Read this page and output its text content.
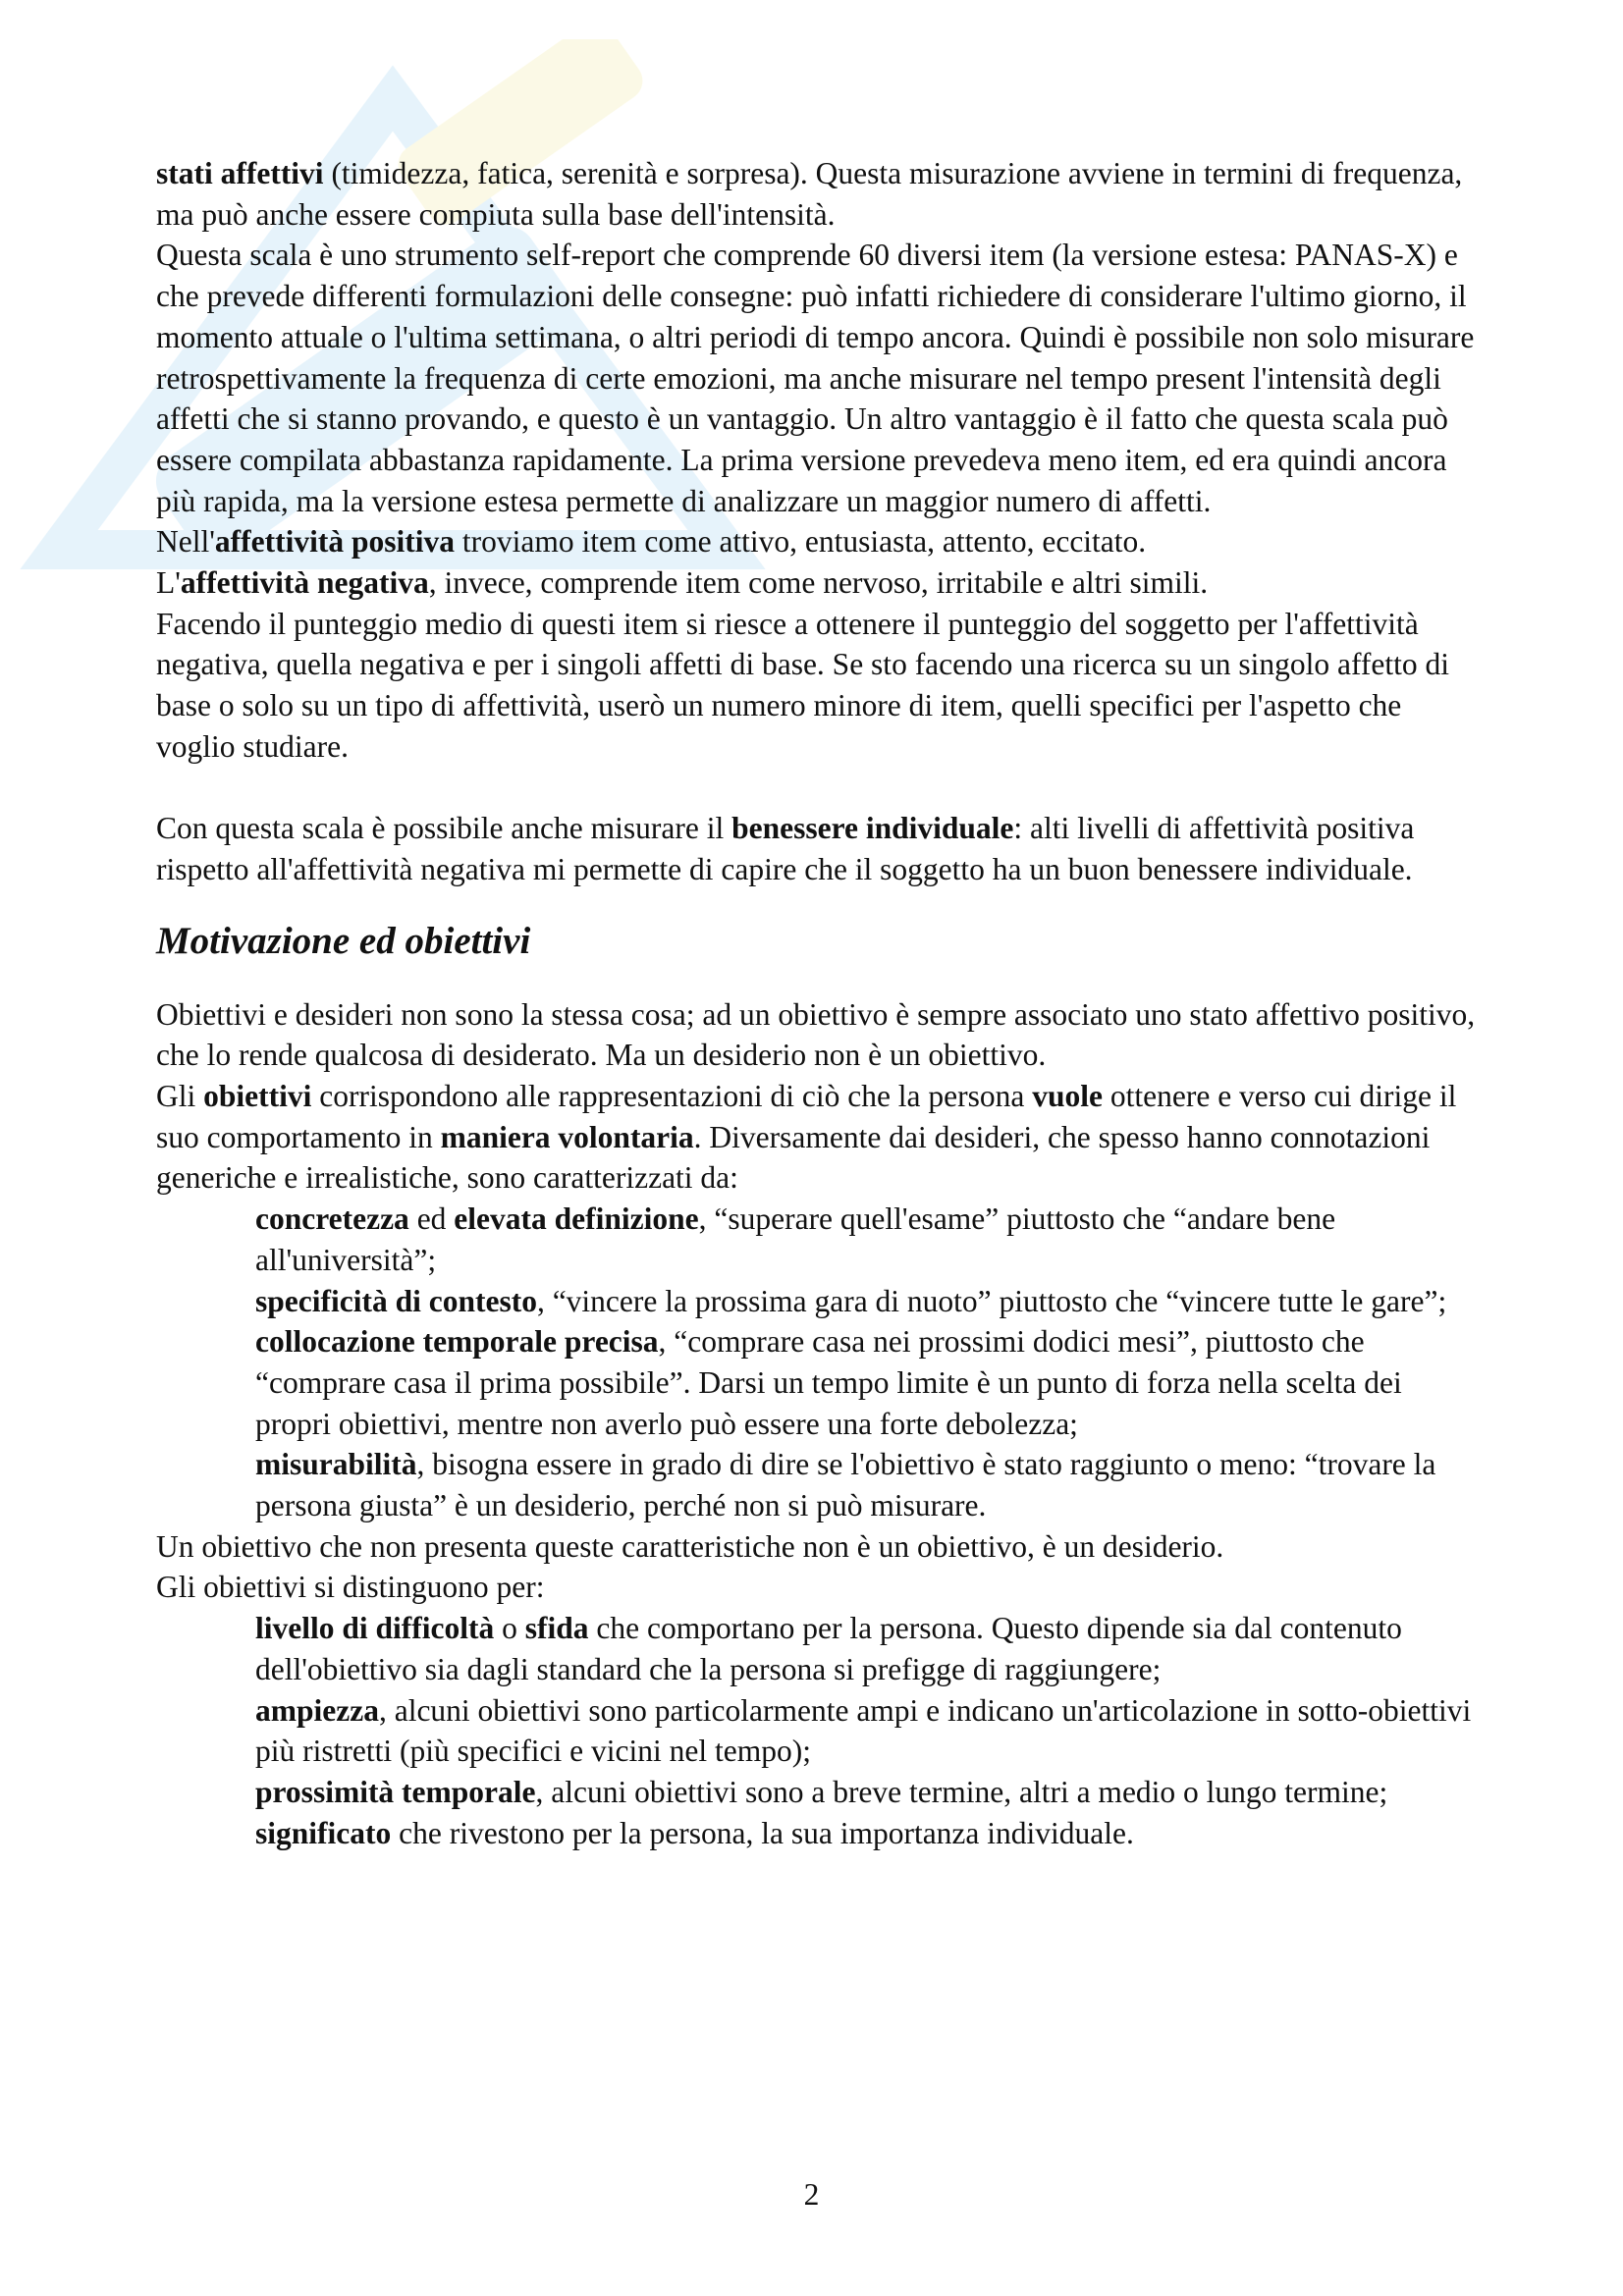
stati affettivi (timidezza, fatica, serenità e sorpresa). Questa misurazione avviene in termini di frequenza, ma può anche essere compiuta sulla base dell'intensità.

Questa scala è uno strumento self-report che comprende 60 diversi item (la versione estesa: PANAS-X) e che prevede differenti formulazioni delle consegne: può infatti richiedere di considerare l'ultimo giorno, il momento attuale o l'ultima settimana, o altri periodi di tempo ancora. Quindi è possibile non solo misurare retrospettivamente la frequenza di certe emozioni, ma anche misurare nel tempo present l'intensità degli affetti che si stanno provando, e questo è un vantaggio. Un altro vantaggio è il fatto che questa scala può essere compilata abbastanza rapidamente. La prima versione prevedeva meno item, ed era quindi ancora più rapida, ma la versione estesa permette di analizzare un maggior numero di affetti.

Nell'affettività positiva troviamo item come attivo, entusiasta, attento, eccitato.

L'affettività negativa, invece, comprende item come nervoso, irritabile e altri simili.

Facendo il punteggio medio di questi item si riesce a ottenere il punteggio del soggetto per l'affettività negativa, quella negativa e per i singoli affetti di base. Se sto facendo una ricerca su un singolo affetto di base o solo su un tipo di affettività, userò un numero minore di item, quelli specifici per l'aspetto che voglio studiare.

Con questa scala è possibile anche misurare il benessere individuale: alti livelli di affettività positiva rispetto all'affettività negativa mi permette di capire che il soggetto ha un buon benessere individuale.

Motivazione ed obiettivi

Obiettivi e desideri non sono la stessa cosa; ad un obiettivo è sempre associato uno stato affettivo positivo, che lo rende qualcosa di desiderato. Ma un desiderio non è un obiettivo.

Gli obiettivi corrispondono alle rappresentazioni di ciò che la persona vuole ottenere e verso cui dirige il suo comportamento in maniera volontaria. Diversamente dai desideri, che spesso hanno connotazioni generiche e irrealistiche, sono caratterizzati da:

concretezza ed elevata definizione, “superare quell'esame” piuttosto che “andare bene all'università”;
specificità di contesto, “vincere la prossima gara di nuoto” piuttosto che “vincere tutte le gare”;
collocazione temporale precisa, “comprare casa nei prossimi dodici mesi”, piuttosto che “comprare casa il prima possibile”. Darsi un tempo limite è un punto di forza nella scelta dei propri obiettivi, mentre non averlo può essere una forte debolezza;
misurabilità, bisogna essere in grado di dire se l'obiettivo è stato raggiunto o meno: “trovare la persona giusta” è un desiderio, perché non si può misurare.

Un obiettivo che non presenta queste caratteristiche non è un obiettivo, è un desiderio.

Gli obiettivi si distinguono per:

livello di difficoltà o sfida che comportano per la persona. Questo dipende sia dal contenuto dell'obiettivo sia dagli standard che la persona si prefigge di raggiungere;
ampiezza, alcuni obiettivi sono particolarmente ampi e indicano un'articolazione in sotto-obiettivi più ristretti (più specifici e vicini nel tempo);
prossimità temporale, alcuni obiettivi sono a breve termine, altri a medio o lungo termine;
significato che rivestono per la persona, la sua importanza individuale.
2
